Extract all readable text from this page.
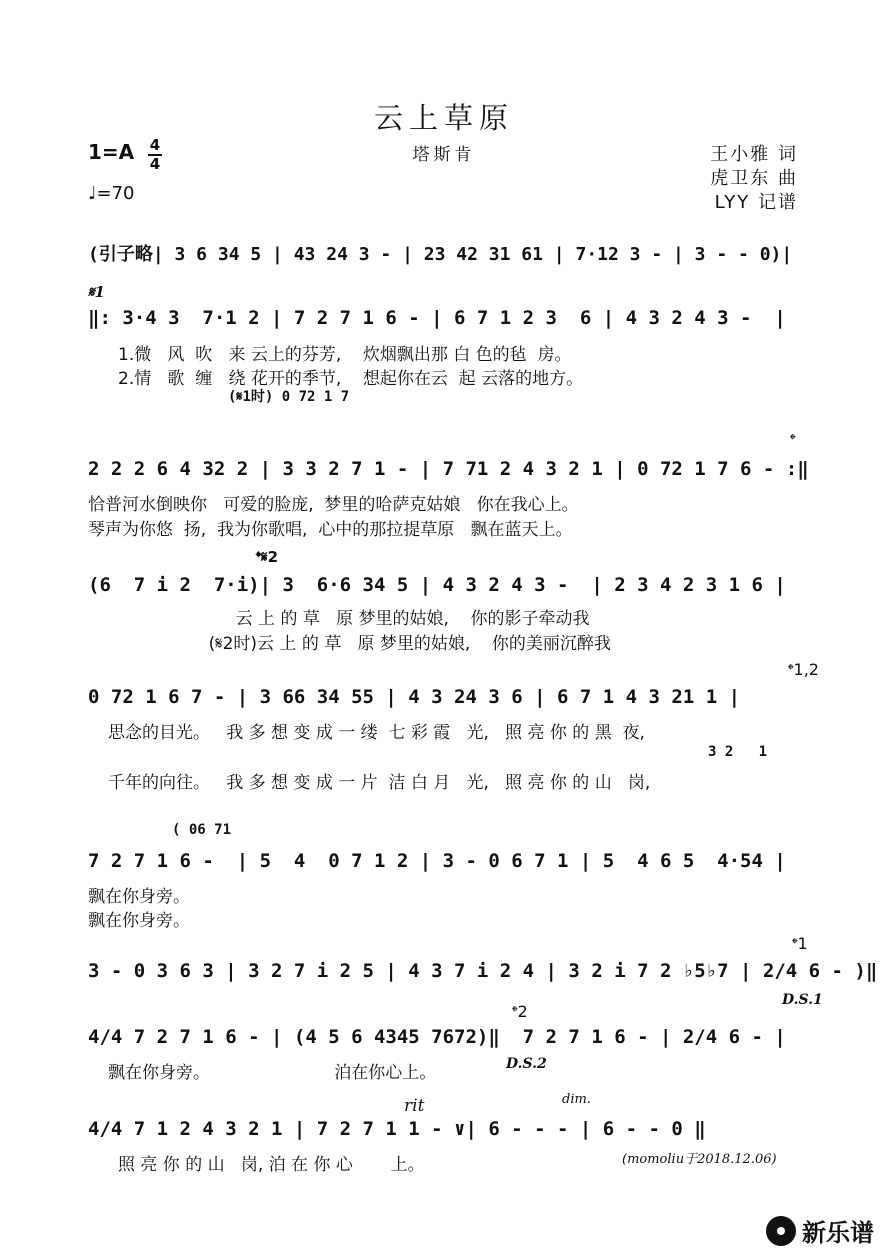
云上草原
塔斯肯
1=A 4
4
♩=70
王小雅 词
虎卫东 曲
LYY 记谱
(引子略| 3 6 34 5 | 43 24 3 - | 23 42 31 61 | 7·12 3 - | 3 - - 0)|
𝄋1
‖: 3·4 3  7·1 2 | 7 2 7 1 6 - | 6 7 1 2 3  6 | 4 3 2 4 3 -  |
1.微   风  吹   来 云上的芬芳,    炊烟飘出那 白 色的毡  房。
2.情   歌  缠   绕 花开的季节,    想起你在云  起 云落的地方。
(𝄋1时) 0 72 1 7
𝄌
2 2 2 6 4 32 2 | 3 3 2 7 1 - | 7 71 2 4 3 2 1 | 0 72 1 7 6 - :‖
恰普河水倒映你   可爱的脸庞,  梦里的哈萨克姑娘   你在我心上。
琴声为你悠  扬,  我为你歌唱,  心中的那拉提草原   飘在蓝天上。
𝄌𝄋2
(6  7 i 2  7·i)| 3  6·6 34 5 | 4 3 2 4 3 -  | 2 3 4 2 3 1 6 |
云 上 的 草   原 梦里的姑娘,    你的影子牵动我
(𝄋2时)云 上 的 草   原 梦里的姑娘,    你的美丽沉醉我
𝄌1,2
0 72 1 6 7 - | 3 66 34 55 | 4 3 24 3 6 | 6 7 1 4 3 21 1 |
思念的目光。   我 多 想 变 成 一 缕  七 彩 霞   光,   照 亮 你 的 黑  夜,
3 2   1
千年的向往。   我 多 想 变 成 一 片  洁 白 月   光,   照 亮 你 的 山   岗,
( 06 71
7 2 7 1 6 -  | 5  4  0 7 1 2 | 3 - 0 6 7 1 | 5  4 6 5  4·54 |
飘在你身旁。
飘在你身旁。
𝄌1
3 - 0 3 6 3 | 3 2 7 i 2 5 | 4 3 7 i 2 4 | 3 2 i 7 2 ♭5♭7 | 2/4 6 - )‖
D.S.1
𝄌2
4/4 7 2 7 1 6 - | (4 5 6 4345 7672)‖  7 2 7 1 6 - | 2/4 6 - |
D.S.2
飘在你身旁。                       泊在你心上。
rit	dim.
4/4 7 1 2 4 3 2 1 | 7 2 7 1 1 - ∨| 6 - - - | 6 - - 0 ‖
照 亮 你 的 山   岗, 泊 在 你 心       上。	(momoliu于2018.12.06)
新乐谱
